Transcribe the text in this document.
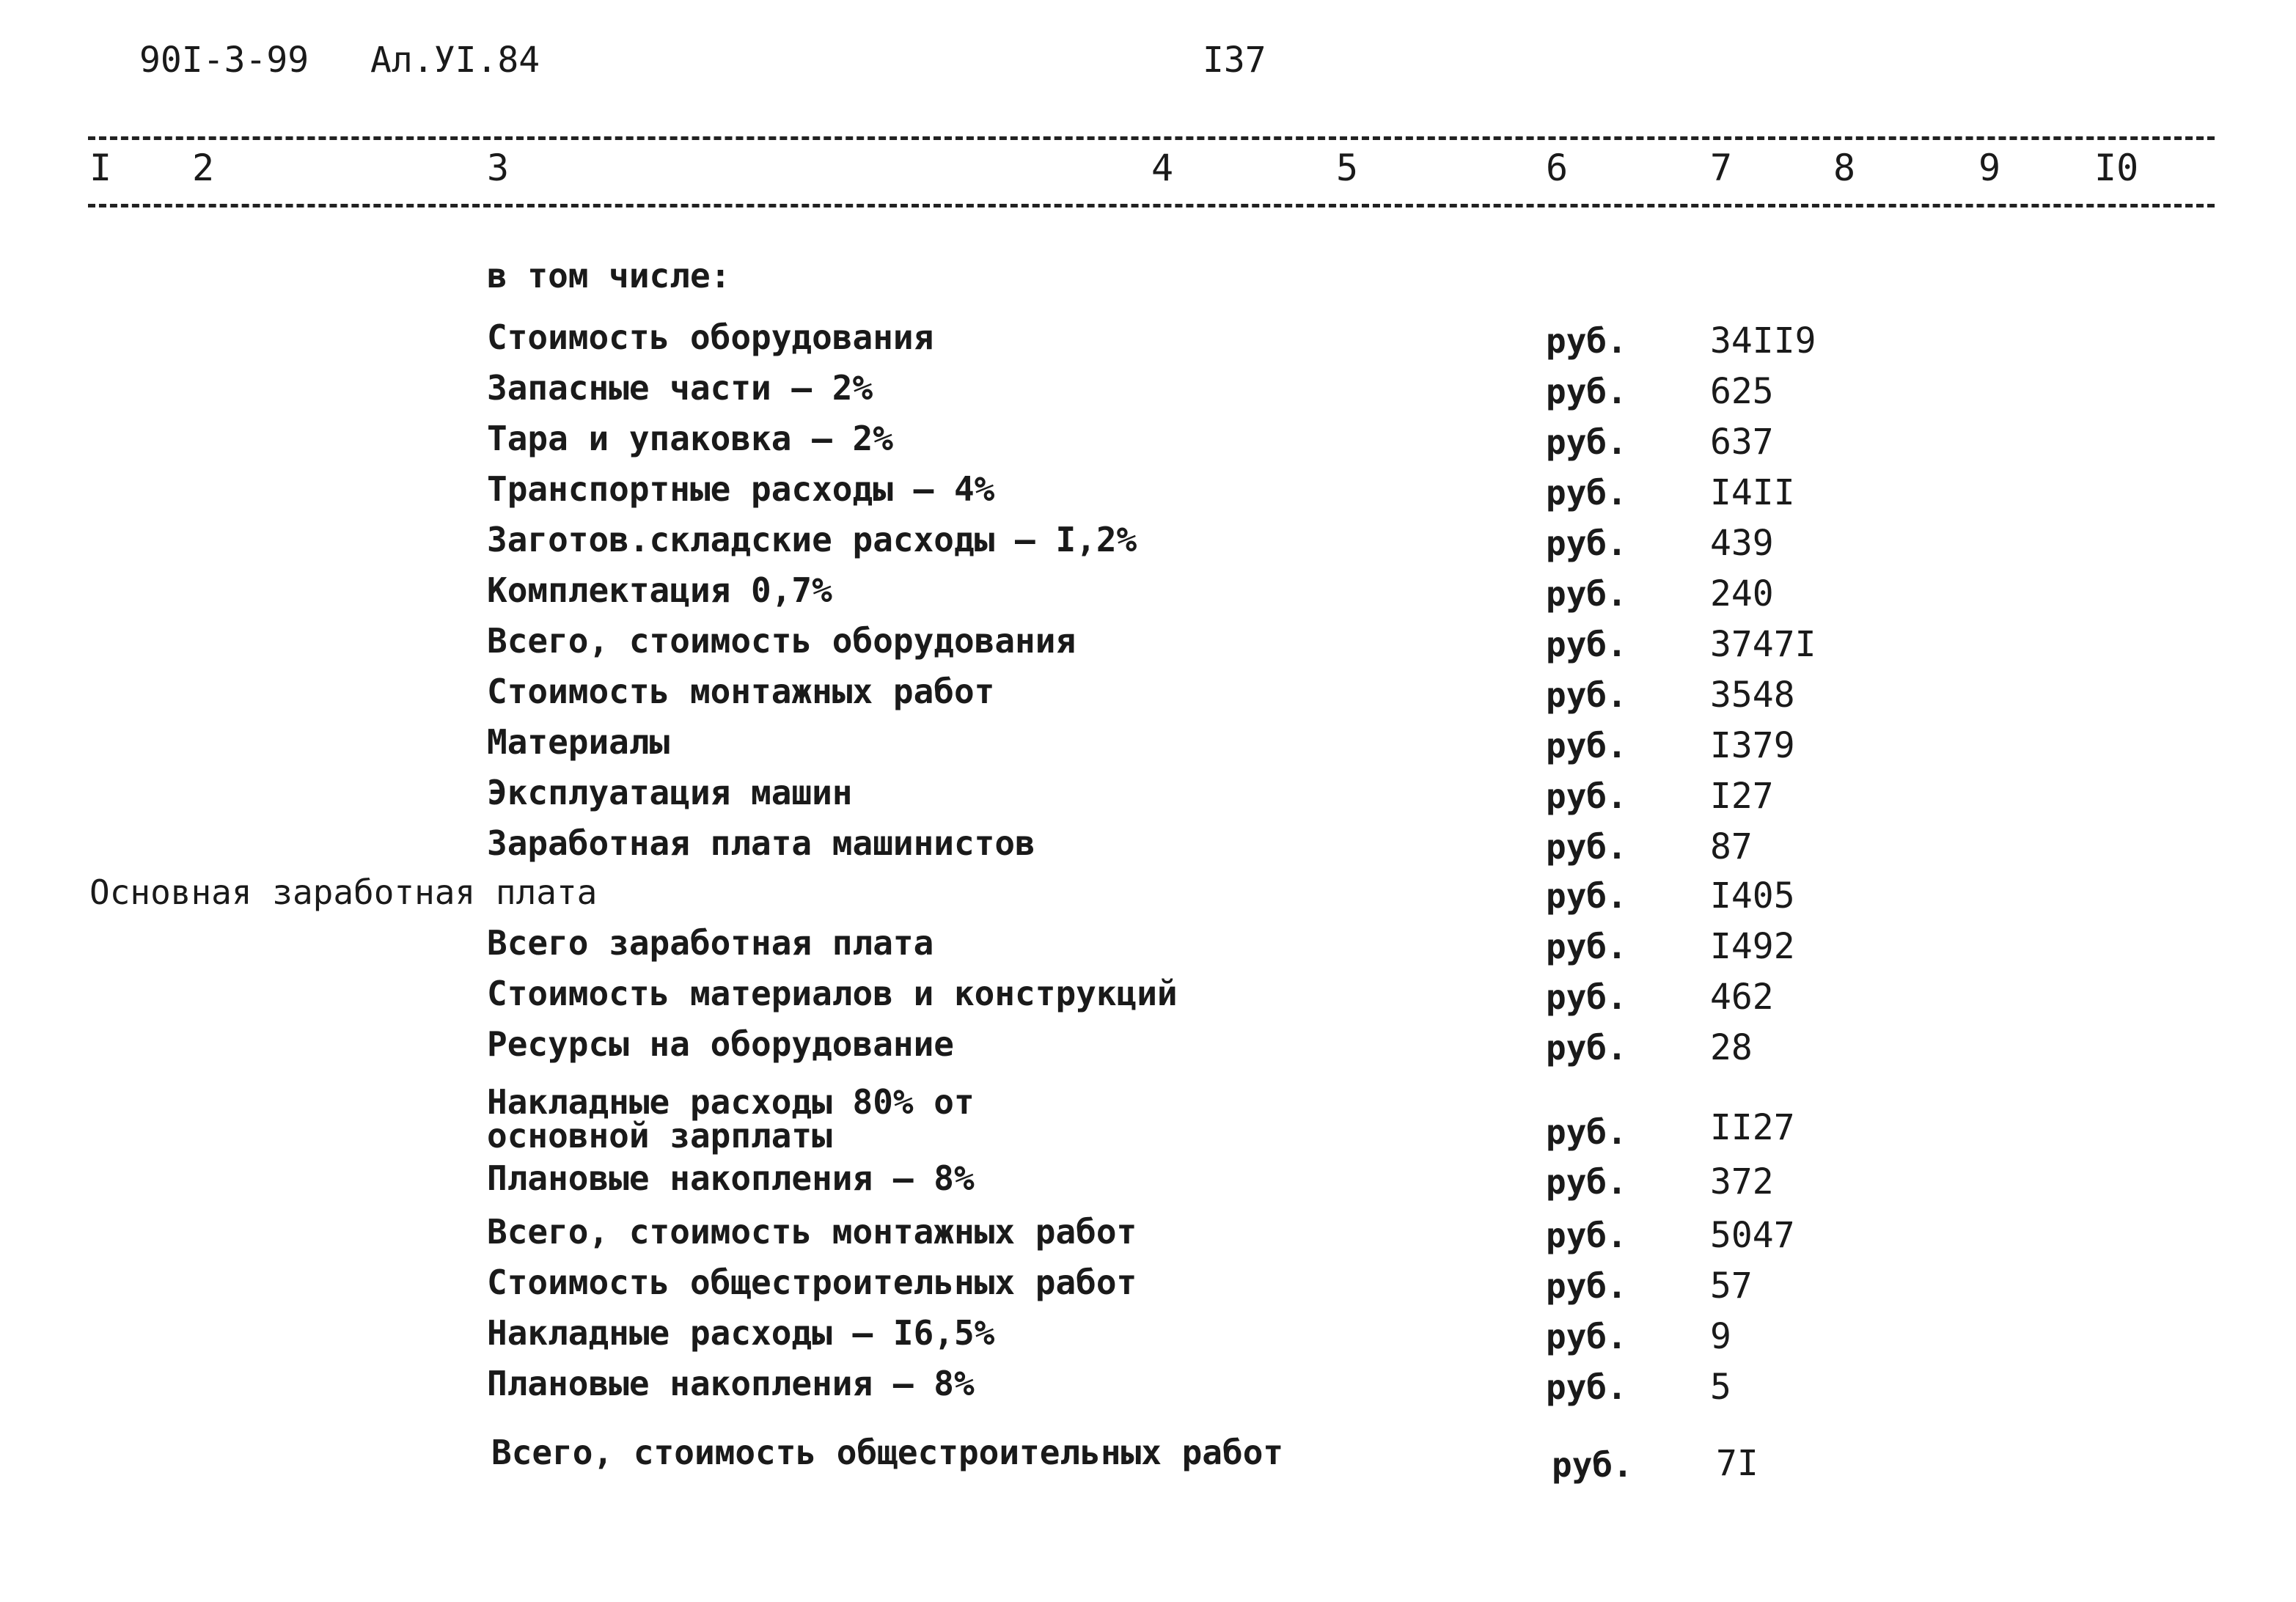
90I-3-99 Ал.УI.84	I37
I 2	3	4	5	6	7	8	9	I0
в том числе:
Стоимость оборудования	руб. 34II9
Запасные части – 2%	руб. 625
Тара и упаковка – 2%	руб. 637
Транспортные расходы – 4%	руб. I4II
Заготов.складские расходы – I,2%	руб. 439
Комплектация 0,7%	руб. 240
Всего, стоимость оборудования	руб. 3747I
Стоимость монтажных работ	руб. 3548
Материалы	руб. I379
Эксплуатация машин	руб. I27
Заработная плата машинистов	руб. 87
Основная заработная плата	руб. I405
Всего заработная плата	руб. I492
Стоимость материалов и конструкций	руб. 462
Ресурсы на оборудование	руб. 28
Накладные расходы 80% от
основной зарплаты	руб. II27
Плановые накопления – 8%	руб. 372
Всего, стоимость монтажных работ	руб. 5047
Стоимость общестроительных работ	руб. 57
Накладные расходы – I6,5%	руб. 9
Плановые накопления – 8%	руб. 5
Всего, стоимость общестроительных работ	руб. 7I
